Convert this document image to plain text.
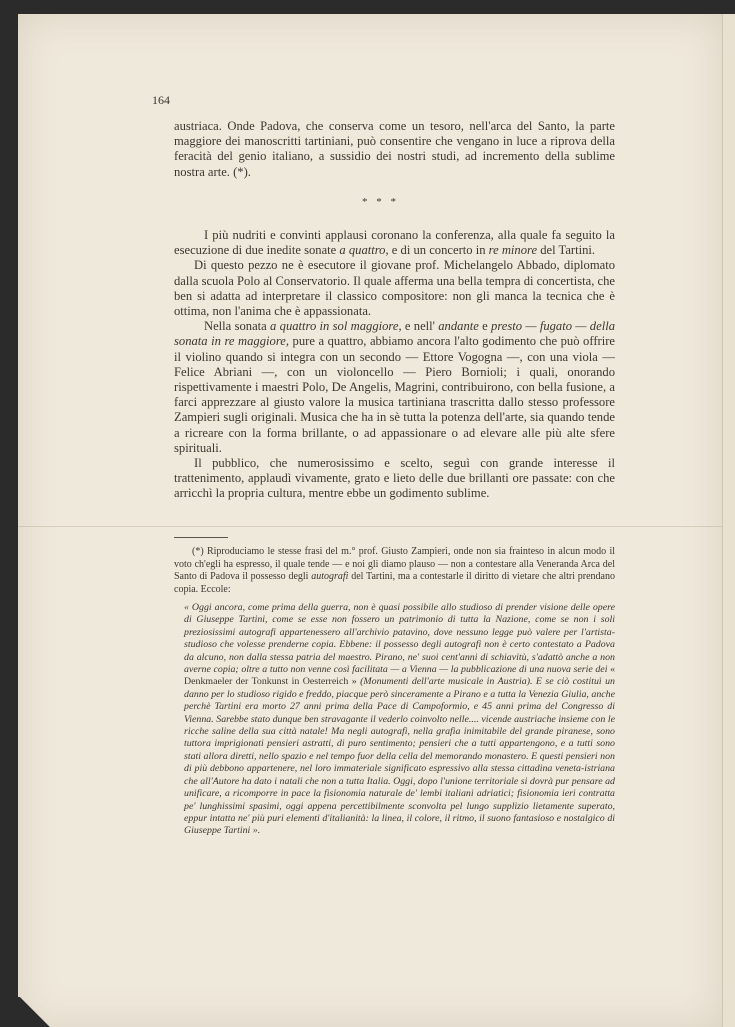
164

austriaca. Onde Padova, che conserva come un tesoro, nell'arca del Santo, la parte maggiore dei manoscritti tartiniani, può consentire che vengano in luce a riprova della feracità del genio italiano, a sussidio dei nostri studi, ad incremento della sublime nostra arte. (*).

* * *

I più nudriti e convinti applausi coronano la conferenza, alla quale fa seguito la esecuzione di due inedite sonate a quattro, e di un concerto in re minore del Tartini.

Di questo pezzo ne è esecutore il giovane prof. Michelangelo Abbado, diplomato dalla scuola Polo al Conservatorio. Il quale afferma una bella tempra di concertista, che ben si adatta ad interpretare il classico compositore: non gli manca la tecnica che è ottima, non l'anima che è appassionata.

Nella sonata a quattro in sol maggiore, e nell' andante e presto — fugato — della sonata in re maggiore, pure a quattro, abbiamo ancora l'alto godimento che può offrire il violino quando si integra con un secondo — Ettore Vogogna —, con una viola — Felice Abriani —, con un violoncello — Piero Bornioli; i quali, onorando rispettivamente i maestri Polo, De Angelis, Magrini, contribuirono, con bella fusione, a farci apprezzare al giusto valore la musica tartiniana trascritta dallo stesso professore Zampieri sugli originali. Musica che ha in sè tutta la potenza dell'arte, sia quando tende a ricreare con la forma brillante, o ad appassionare o ad elevare alle più alte sfere spirituali.

Il pubblico, che numerosissimo e scelto, seguì con grande interesse il trattenimento, applaudì vivamente, grato e lieto delle due brillanti ore passate: con che arricchì la propria cultura, mentre ebbe un godimento sublime.

(*) Riproduciamo le stesse frasi del m.° prof. Giusto Zampieri, onde non sia frainteso in alcun modo il voto ch'egli ha espresso, il quale tende — e noi gli diamo plauso — non a contestare alla Veneranda Arca del Santo di Padova il possesso degli autografi del Tartini, ma a contestarle il diritto di vietare che altri prendano copia. Eccole:

« Oggi ancora, come prima della guerra, non è quasi possibile allo studioso di prender visione delle opere di Giuseppe Tartini, come se esse non fossero un patrimonio di tutta la Nazione, come se non i soli preziosissimi autografi appartenessero all'archivio patavino, dove nessuno legge può valere per l'artista-studioso che volesse prenderne copia. Ebbene: il possesso degli autografi non è certo contestato a Padova da alcuno, non dalla stessa patria del maestro. Pirano, ne' suoi cent'anni di schiavitù, s'adattò anche a non averne copia; oltre a tutto non venne così facilitata — a Vienna — la pubblicazione di una nuova serie dei « Denkmaeler der Tonkunst in Oesterreich » (Monumenti dell'arte musicale in Austria). E se ciò costituì un danno per lo studioso rigido e freddo, piacque però sinceramente a Pirano e a tutta la Venezia Giulia, anche perchè Tartini era morto 27 anni prima della Pace di Campoformio, e 45 anni prima del Congresso di Vienna. Sarebbe stato dunque ben stravagante il vederlo coinvolto nelle.... vicende austriache insieme con le ricche saline della sua città natale! Ma negli autografi, nella grafia inimitabile del grande piranese, sono tuttora imprigionati pensieri astratti, di puro sentimento; pensieri che a tutti appartengono, e a tutti sono stati allora diretti, nello spazio e nel tempo fuor della cella del memorando monastero. E questi pensieri non di più debbono appartenere, nel loro immateriale significato espressivo alla stessa cittadina veneta-istriana che all'Autore ha dato i natali che non a tutta Italia. Oggi, dopo l'unione territoriale si dovrà pur pensare ad unificare, a ricomporre in pace la fisionomia naturale de' lembi italiani adriatici; fisionomia ieri contratta pe' lunghissimi spasimi, oggi appena percettibilmente sconvolta pel lungo supplizio lietamente superato, eppur intatta ne' più puri elementi d'italianità: la linea, il colore, il ritmo, il suono fantasioso e nostalgico di Giuseppe Tartini ».
